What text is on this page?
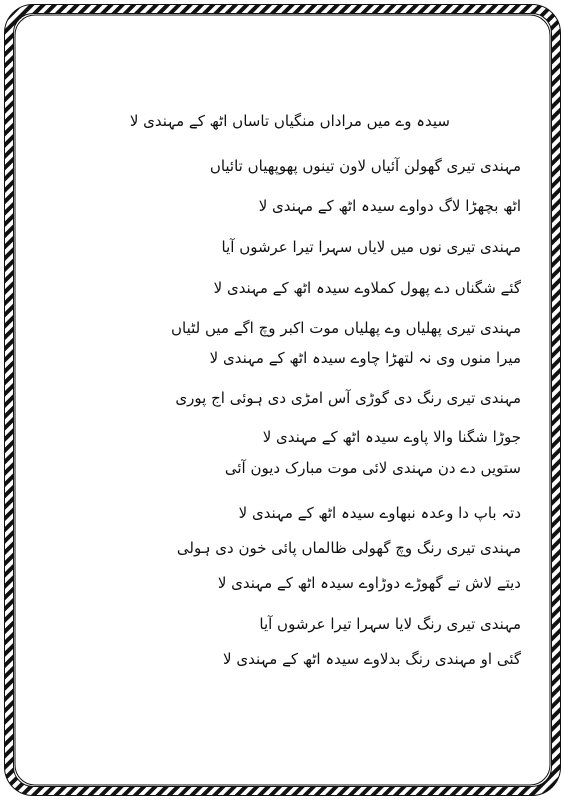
سیدہ وے میں مراداں منگیاں تاساں اٹھ کے مہندی لا
مہندی تیری گھولن آئیاں لاون تینوں پھوپھیاں تائیاں
اٹھ بچھڑا لاگ دواوے سیدہ اٹھ کے مہندی لا
مہندی تیری نوں میں لایاں سہرا تیرا عرشوں آیا
گئے شگناں دے پھول کملاوے سیدہ اٹھ کے مہندی لا
مہندی تیری پھلیاں وے پھلیاں موت اکبر وچ اگے میں لٹیاں
میرا منوں وی نہ لتھڑا چاوے سیدہ اٹھ کے مہندی لا
مہندی تیری رنگ دی گوڑی آس امڑی دی ہوئی اج پوری
جوڑا شگنا والا پاوے سیدہ اٹھ کے مہندی لا
ستویں دے دن مہندی لائی موت مبارک دیون آئی
دتہ باپ دا وعدہ نبھاوے سیدہ اٹھ کے مہندی لا
مہندی تیری رنگ وچ گھولی ظالماں پائی خون دی ہولی
دیتے لاش تے گھوڑے دوڑاوے سیدہ اٹھ کے مہندی لا
مہندی تیری رنگ لایا سہرا تیرا عرشوں آیا
گئی او مہندی رنگ بدلاوے سیدہ اٹھ کے مہندی لا
